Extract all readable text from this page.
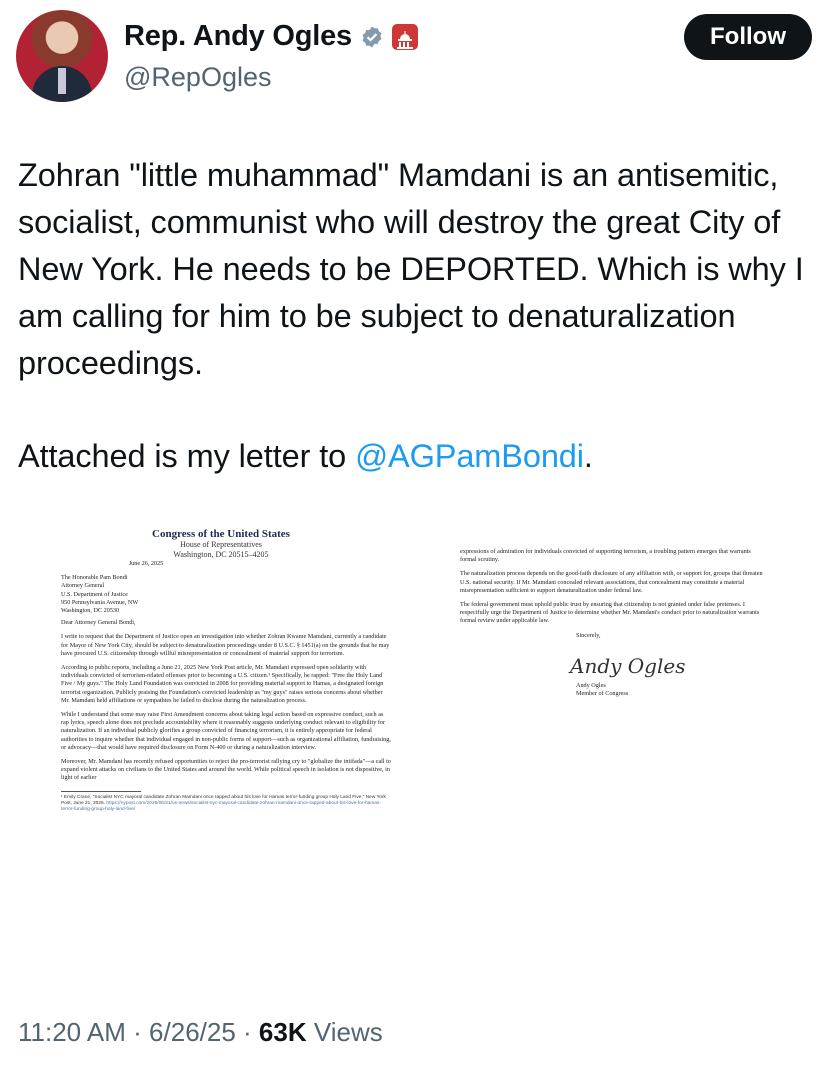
Rep. Andy Ogles
@RepOgles
Follow

Zohran "little muhammad" Mamdani is an antisemitic, socialist, communist who will destroy the great City of New York. He needs to be DEPORTED. Which is why I am calling for him to be subject to denaturalization proceedings.

Attached is my letter to @AGPamBondi.

Congress of the United States
House of Representatives
Washington, DC 20515–4205
June 26, 2025
The Honorable Pam Bondi
Attorney General
U.S. Department of Justice
950 Pennsylvania Avenue, NW
Washington, DC 20530

Dear Attorney General Bondi,

I write to request that the Department of Justice open an investigation into whether Zohran Kwame Mamdani, currently a candidate for Mayor of New York City, should be subject to denaturalization proceedings under 8 U.S.C. § 1451(a) on the grounds that he may have procured U.S. citizenship through willful misrepresentation or concealment of material support for terrorism.

According to public reports, including a June 21, 2025 New York Post article, Mr. Mamdani expressed open solidarity with individuals convicted of terrorism-related offenses prior to becoming a U.S. citizen.¹ Specifically, he rapped: "Free the Holy Land Five / My guys." The Holy Land Foundation was convicted in 2008 for providing material support to Hamas, a designated foreign terrorist organization. Publicly praising the Foundation's convicted leadership as "my guys" raises serious concerns about whether Mr. Mamdani held affiliations or sympathies he failed to disclose during the naturalization process.

While I understand that some may raise First Amendment concerns about taking legal action based on expressive conduct, such as rap lyrics, speech alone does not preclude accountability where it reasonably suggests underlying conduct relevant to eligibility for naturalization. If an individual publicly glorifies a group convicted of financing terrorism, it is entirely appropriate for federal authorities to inquire whether that individual engaged in non-public forms of support—such as organizational affiliation, fundraising, or advocacy—that would have required disclosure on Form N-400 or during a naturalization interview.

Moreover, Mr. Mamdani has recently refused opportunities to reject the pro-terrorist rallying cry to "globalize the intifada"—a call to expand violent attacks on civilians to the United States and around the world. While political speech in isolation is not dispositive, in light of earlier

¹ Emily Crane, "Socialist NYC mayoral candidate Zohran Mamdani once rapped about his love for Hamas terror-funding group Holy Land Five," New York Post, June 21, 2025. https://nypost.com/2025/06/21/us-news/socialist-nyc-mayoral-candidate-zohran-mamdani-once-rapped-about-his-love-for-hamas-terror-funding-group-holy-land-five/

expressions of admiration for individuals convicted of supporting terrorism, a troubling pattern emerges that warrants formal scrutiny.

The naturalization process depends on the good-faith disclosure of any affiliation with, or support for, groups that threaten U.S. national security. If Mr. Mamdani concealed relevant associations, that concealment may constitute a material misrepresentation sufficient to support denaturalization under federal law.

The federal government must uphold public trust by ensuring that citizenship is not granted under false pretenses. I respectfully urge the Department of Justice to determine whether Mr. Mamdani's conduct prior to naturalization warrants formal review under applicable law.

Sincerely,

Andy Ogles
Andy Ogles
Member of Congress
11:20 AM · 6/26/25 · 63K Views
